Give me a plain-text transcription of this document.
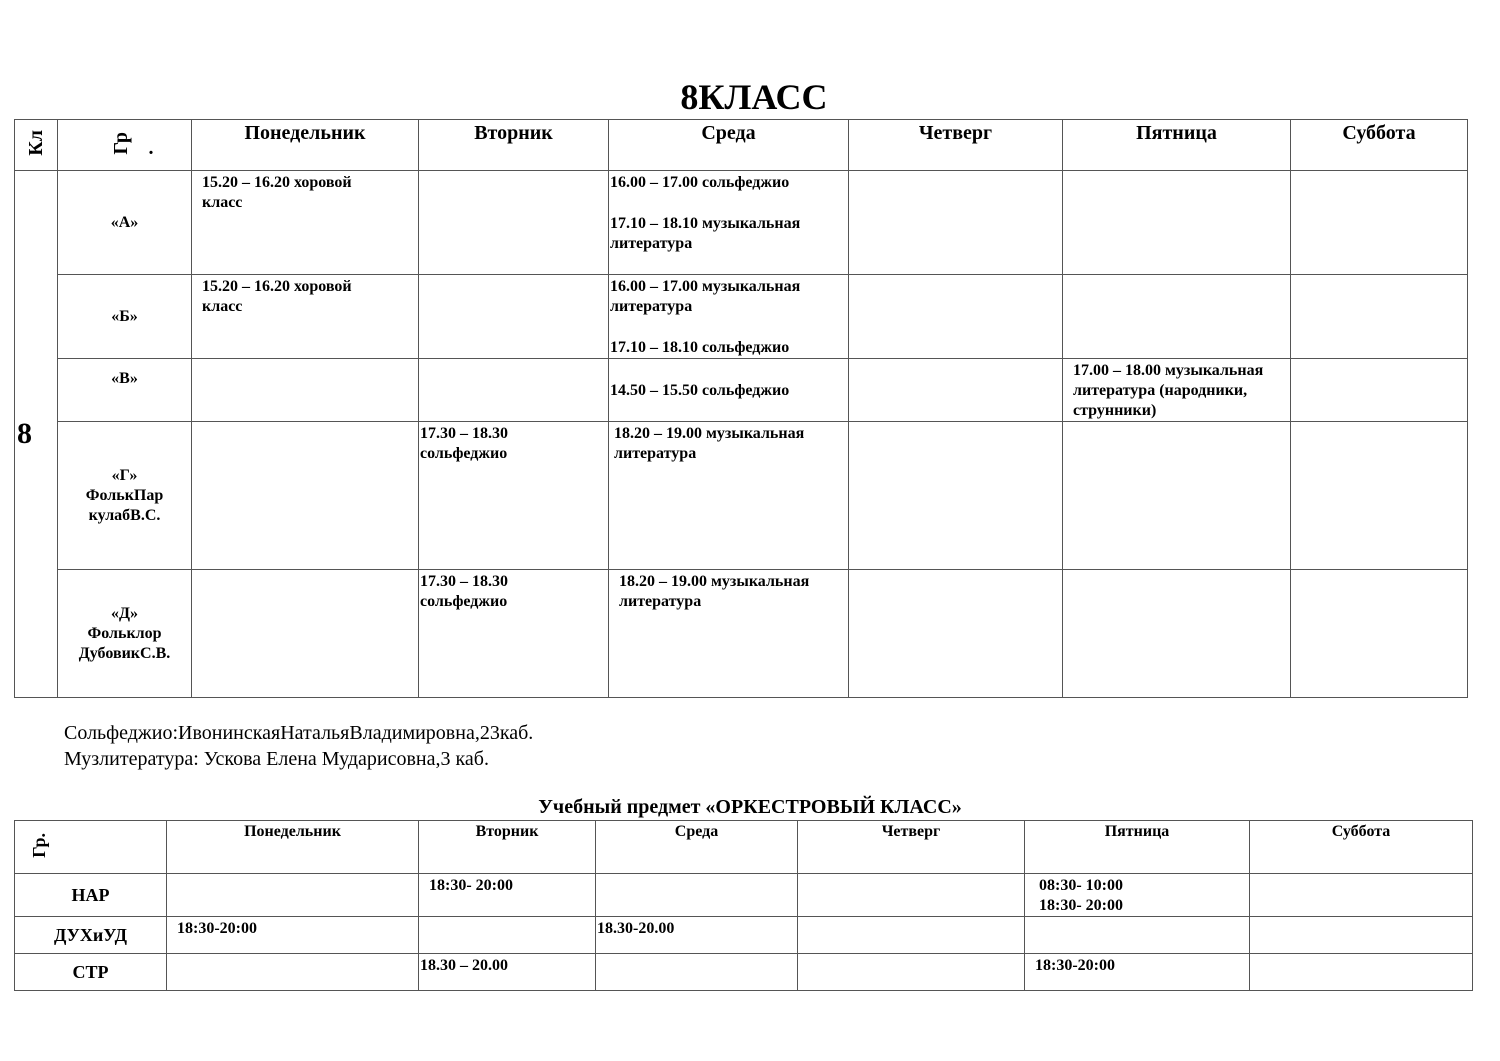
8КЛАСС
Кл	Гр .	Понедельник	Вторник	Среда	Четверг	Пятница	Суббота
8	«А»	15.20 – 16.20 хоровой класс		16.00 – 17.00 сольфеджио
17.10 – 18.10 музыкальная литература			

	«Б»	15.20 – 16.20 хоровой класс		16.00 – 17.00 музыкальная литература
17.10 – 18.10 сольфеджио			

	«В»			14.50 – 15.50 сольфеджио		17.00 – 18.00 музыкальная литература (народники, струнники)	

	«Г»
ФолькПар
кулабВ.С.		17.30 – 18.30 сольфеджио	18.20 – 19.00 музыкальная литература			

	«Д»
Фольклор
ДубовикС.В.		17.30 – 18.30 сольфеджио	18.20 – 19.00 музыкальная литература			

Сольфеджио:ИвонинскаяНатальяВладимировна,23каб.
Музлитература: Ускова Елена Мударисовна,3 каб.
Учебный предмет «ОРКЕСТРОВЫЙ КЛАСС»
Гр.	Понедельник	Вторник	Среда	Четверг	Пятница	Суббота
НАР		18:30- 20:00			08:30- 10:00
18:30- 20:00	

ДУХиУД	18:30-20:00		18.30-20.00			

СТР		18.30 – 20.00			18:30-20:00	
